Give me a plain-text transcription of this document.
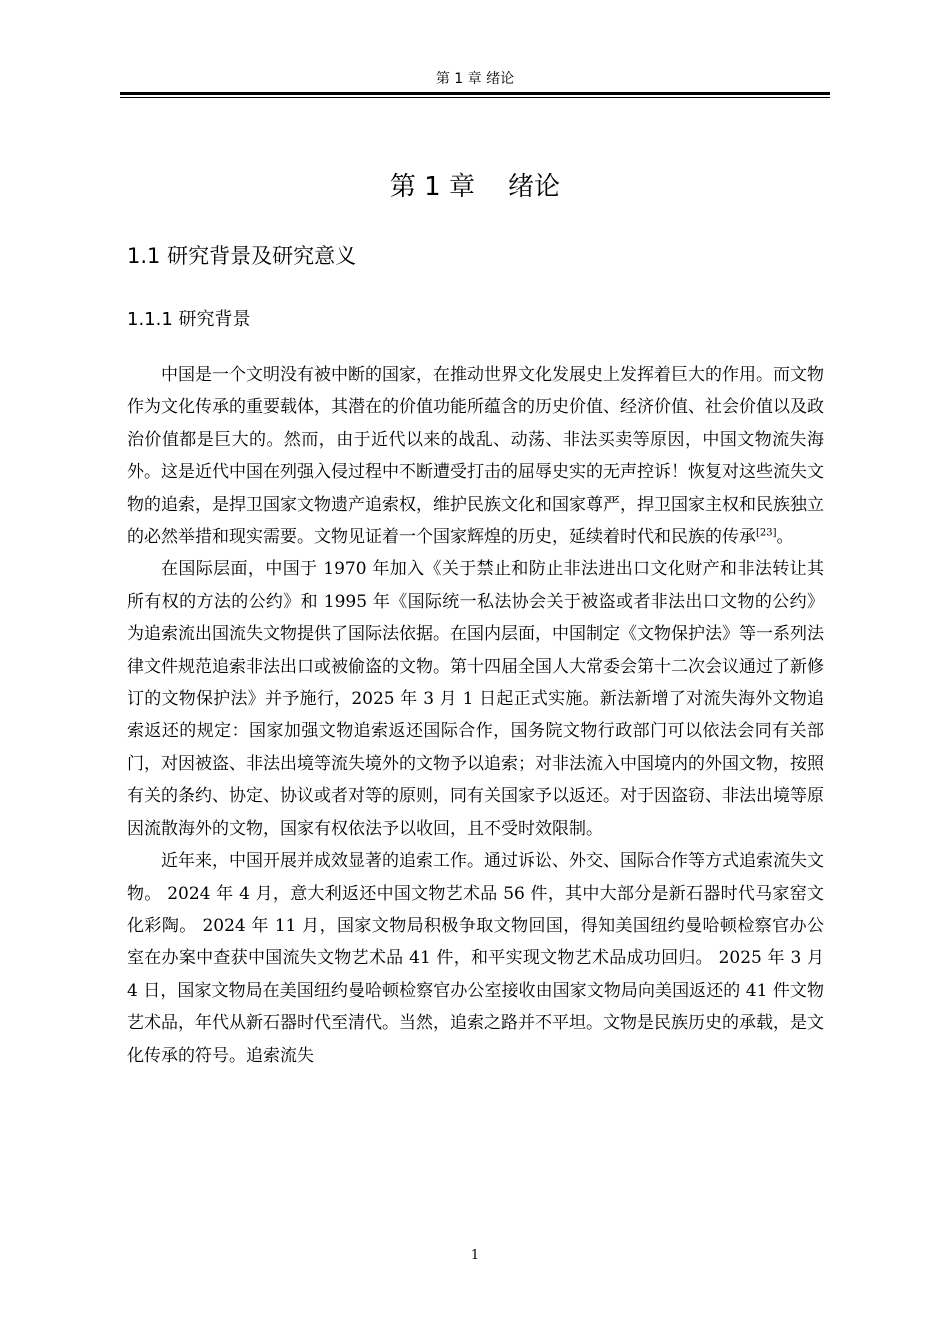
第 1 章 绪论
第 1 章    绪论
1.1 研究背景及研究意义
1.1.1 研究背景

中国是一个文明没有被中断的国家，在推动世界文化发展史上发挥着巨大的作用。而文物作为文化传承的重要载体，其潜在的价值功能所蕴含的历史价值、经济价值、社会价值以及政治价值都是巨大的。然而，由于近代以来的战乱、动荡、非法买卖等原因，中国文物流失海外。这是近代中国在列强入侵过程中不断遭受打击的屈辱史实的无声控诉！恢复对这些流失文物的追索，是捍卫国家文物遗产追索权，维护民族文化和国家尊严，捍卫国家主权和民族独立的必然举措和现实需要。文物见证着一个国家辉煌的历史，延续着时代和民族的传承[23]。

在国际层面，中国于 1970 年加入《关于禁止和防止非法进出口文化财产和非法转让其所有权的方法的公约》和 1995 年《国际统一私法协会关于被盗或者非法出口文物的公约》为追索流出国流失文物提供了国际法依据。在国内层面，中国制定《文物保护法》等一系列法律文件规范追索非法出口或被偷盗的文物。第十四届全国人大常委会第十二次会议通过了新修订的文物保护法》并予施行，2025 年 3 月 1 日起正式实施。新法新增了对流失海外文物追索返还的规定：国家加强文物追索返还国际合作，国务院文物行政部门可以依法会同有关部门，对因被盗、非法出境等流失境外的文物予以追索；对非法流入中国境内的外国文物，按照有关的条约、协定、协议或者对等的原则，同有关国家予以返还。对于因盗窃、非法出境等原因流散海外的文物，国家有权依法予以收回，且不受时效限制。

近年来，中国开展并成效显著的追索工作。通过诉讼、外交、国际合作等方式追索流失文物。 2024 年 4 月，意大利返还中国文物艺术品 56 件，其中大部分是新石器时代马家窑文化彩陶。 2024 年 11 月，国家文物局积极争取文物回国，得知美国纽约曼哈顿检察官办公室在办案中查获中国流失文物艺术品 41 件，和平实现文物艺术品成功回归。 2025 年 3 月 4 日，国家文物局在美国纽约曼哈顿检察官办公室接收由国家文物局向美国返还的 41 件文物艺术品，年代从新石器时代至清代。当然，追索之路并不平坦。文物是民族历史的承载，是文化传承的符号。追索流失

1
